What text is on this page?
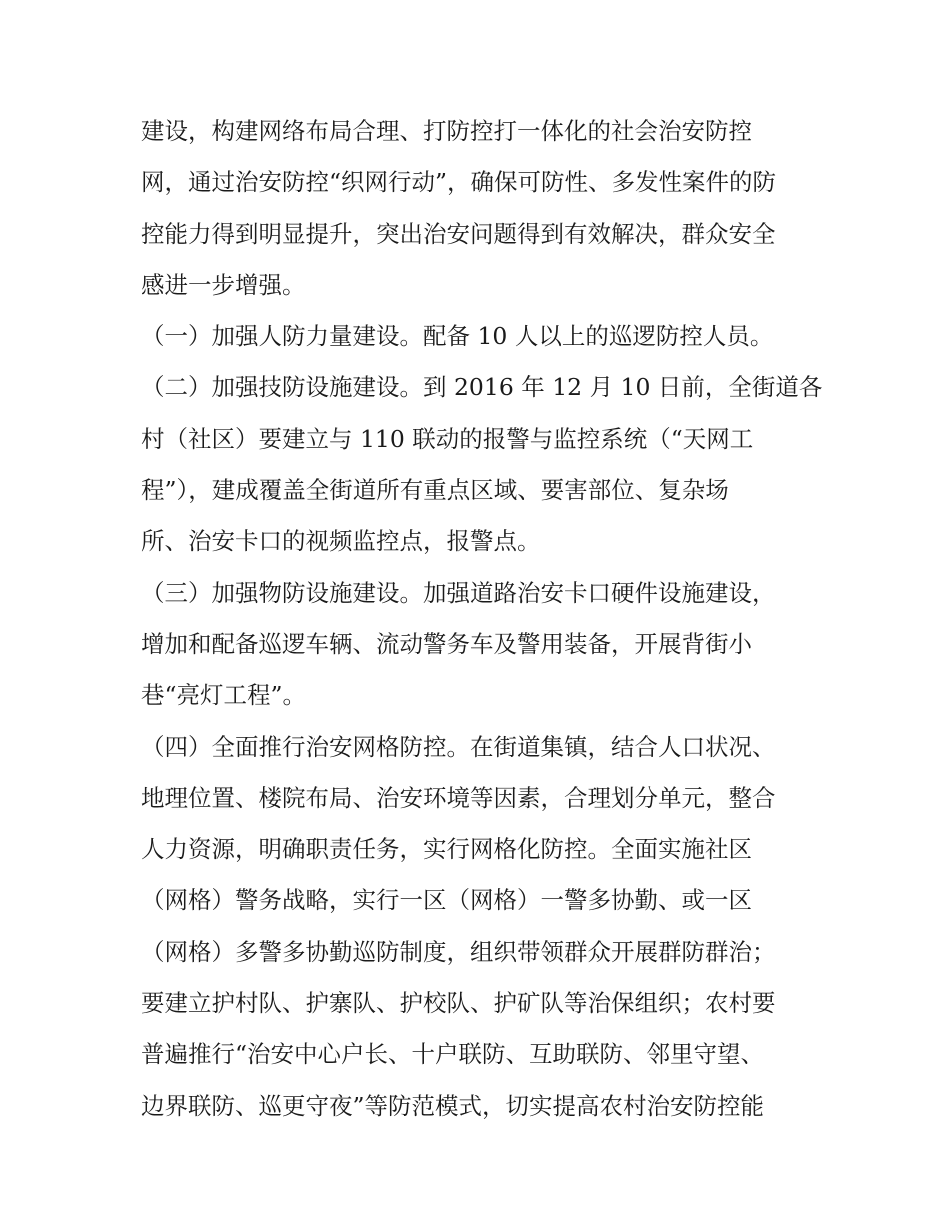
建设，构建网络布局合理、打防控打一体化的社会治安防控
网，通过治安防控“织网行动”，确保可防性、多发性案件的防
控能力得到明显提升，突出治安问题得到有效解决，群众安全
感进一步增强。
（一）加强人防力量建设。配备 10 人以上的巡逻防控人员。
（二）加强技防设施建设。到 2016 年 12 月 10 日前，全街道各
村（社区）要建立与 110 联动的报警与监控系统（“天网工
程”），建成覆盖全街道所有重点区域、要害部位、复杂场
所、治安卡口的视频监控点，报警点。
（三）加强物防设施建设。加强道路治安卡口硬件设施建设，
增加和配备巡逻车辆、流动警务车及警用装备，开展背街小
巷“亮灯工程”。
（四）全面推行治安网格防控。在街道集镇，结合人口状况、
地理位置、楼院布局、治安环境等因素，合理划分单元，整合
人力资源，明确职责任务，实行网格化防控。全面实施社区
（网格）警务战略，实行一区（网格）一警多协勤、或一区
（网格）多警多协勤巡防制度，组织带领群众开展群防群治；
要建立护村队、护寨队、护校队、护矿队等治保组织；农村要
普遍推行“治安中心户长、十户联防、互助联防、邻里守望、
边界联防、巡更守夜”等防范模式，切实提高农村治安防控能
